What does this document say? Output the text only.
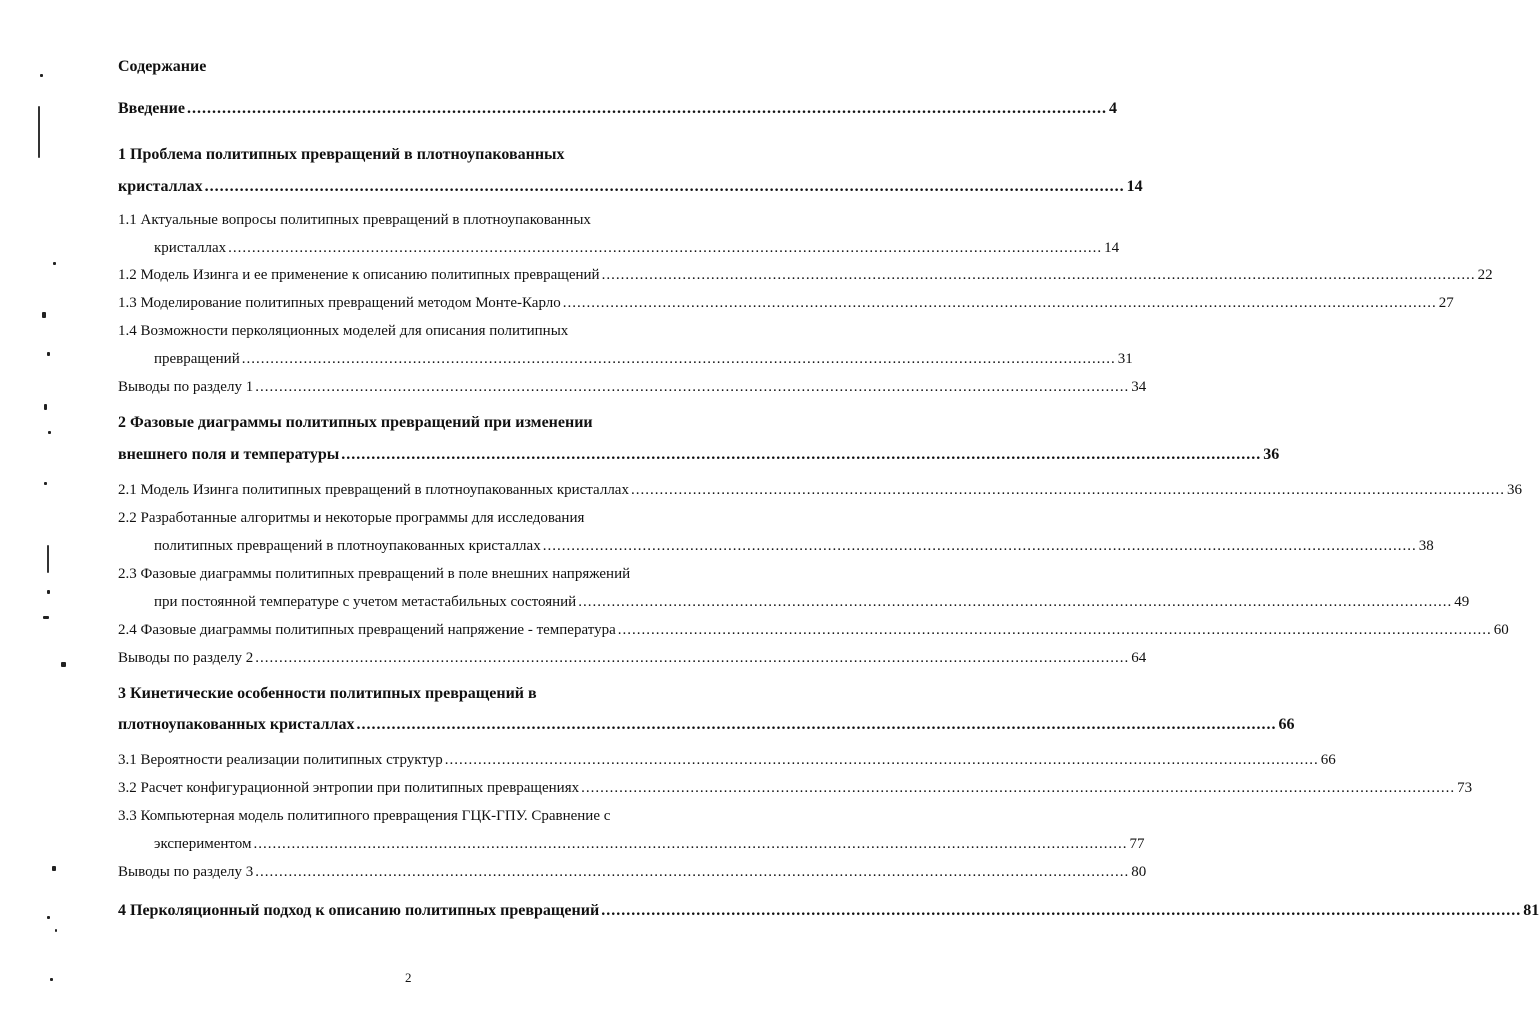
Содержание
Введение ........................................................................................................................................................................................ 4
1 Проблема политипных превращений в плотноупакованных
кристаллах ........................................................................................................................................................................................ 14
1.1 Актуальные вопросы политипных превращений в плотноупакованных
кристаллах ........................................................................................................................................................................................ 14
1.2 Модель Изинга и ее применение к описанию политипных превращений ........................................................................................................................................................................................ 22
1.3 Моделирование политипных превращений методом Монте-Карло ........................................................................................................................................................................................ 27
1.4 Возможности перколяционных моделей для описания политипных
превращений ........................................................................................................................................................................................ 31
Выводы по разделу 1 ........................................................................................................................................................................................ 34
2 Фазовые диаграммы политипных превращений при изменении
внешнего поля и температуры ........................................................................................................................................................................................ 36
2.1 Модель Изинга политипных превращений в плотноупакованных кристаллах ........................................................................................................................................................................................ 36
2.2 Разработанные алгоритмы и некоторые программы для исследования
политипных превращений в плотноупакованных кристаллах ........................................................................................................................................................................................ 38
2.3 Фазовые диаграммы политипных превращений в поле внешних напряжений
при постоянной температуре с учетом метастабильных состояний ........................................................................................................................................................................................ 49
2.4 Фазовые диаграммы политипных превращений напряжение - температура ........................................................................................................................................................................................ 60
Выводы по разделу 2 ........................................................................................................................................................................................ 64
3 Кинетические особенности политипных превращений в
плотноупакованных кристаллах ........................................................................................................................................................................................ 66
3.1 Вероятности реализации политипных структур ........................................................................................................................................................................................ 66
3.2 Расчет конфигурационной энтропии при политипных превращениях ........................................................................................................................................................................................ 73
3.3 Компьютерная модель политипного превращения ГЦК-ГПУ. Сравнение с
экспериментом ........................................................................................................................................................................................ 77
Выводы по разделу 3 ........................................................................................................................................................................................ 80
4 Перколяционный подход к описанию политипных превращений ........................................................................................................................................................................................ 81
2
